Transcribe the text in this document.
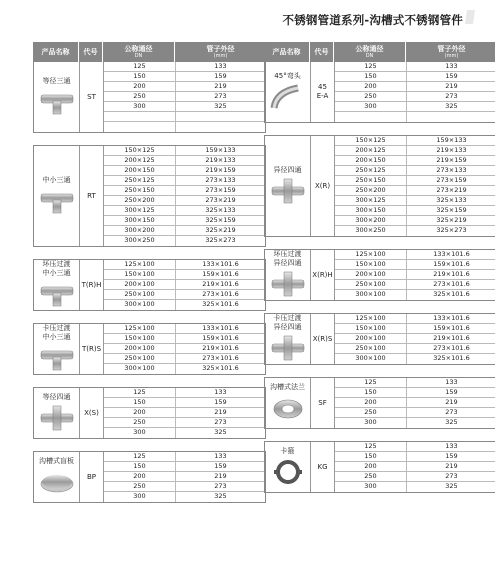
不锈钢管道系列-沟槽式不锈钢管件
产品名称	代号	公称通径
DN
管子外径
(mm)
等径三通
ST
125	133
150	159
200	219
250	273
300	325
中小三通
RT
150×125	159×133
200×125	219×133
200×150	219×159
250×125	273×133
250×150	273×159
250×200	273×219
300×125	325×133
300×150	325×159
300×200	325×219
300×250	325×273
环压过渡
中小三通
T(R)H
125×100	133×101.6
150×100	159×101.6
200×100	219×101.6
250×100	273×101.6
300×100	325×101.6
卡压过渡
中小三通
T(R)S
125×100	133×101.6
150×100	159×101.6
200×100	219×101.6
250×100	273×101.6
300×100	325×101.6
等径四通
X(S)
125	133
150	159
200	219
250	273
300	325
沟槽式盲板
BP
125	133
150	159
200	219
250	273
300	325
产品名称	代号	公称通径
DN
管子外径
(mm)
45°弯头
45
E-A
125	133
150	159
200	219
250	273
300	325
异径四通
X(R)
150×125	159×133
200×125	219×133
200×150	219×159
250×125	273×133
250×150	273×159
250×200	273×219
300×125	325×133
300×150	325×159
300×200	325×219
300×250	325×273
环压过渡
异径四通
X(R)H
125×100	133×101.6
150×100	159×101.6
200×100	219×101.6
250×100	273×101.6
300×100	325×101.6
卡压过渡
异径四通
X(R)S
125×100	133×101.6
150×100	159×101.6
200×100	219×101.6
250×100	273×101.6
300×100	325×101.6
沟槽式法兰
SF
125	133
150	159
200	219
250	273
300	325
卡箍
KG
125	133
150	159
200	219
250	273
300	325
